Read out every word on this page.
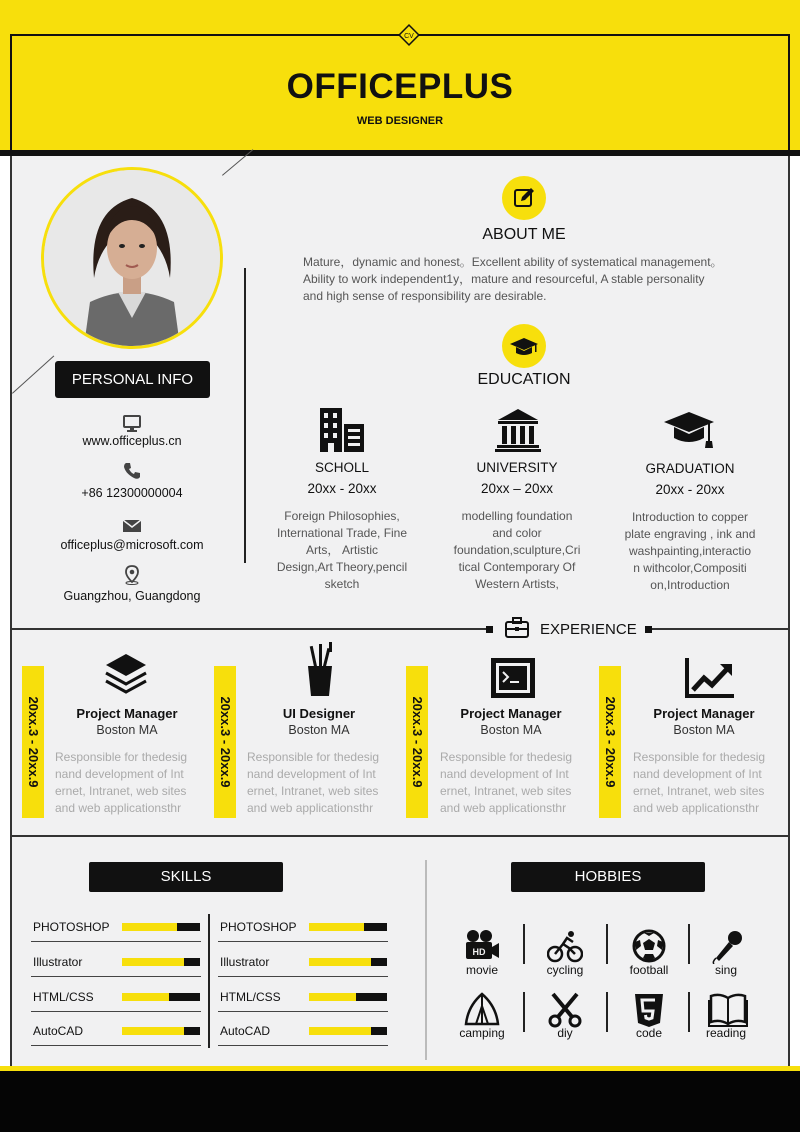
CV
OFFICEPLUS
WEB DESIGNER
PERSONAL INFO
www.officeplus.cn
+86 12300000004
officeplus@microsoft.com
Guangzhou, Guangdong
ABOUT ME
Mature，dynamic and honest。Excellent ability of systematical management。
Ability to work independent1y，mature and resourceful, A stable personality
and high sense of responsibility are desirable.
EDUCATION
SCHOLL
20xx - 20xx
Foreign Philosophies,
International Trade, Fine
Arts， Artistic
Design,Art Theory,pencil
sketch
UNIVERSITY
20xx – 20xx
modelling foundation
and color
foundation,sculpture,Cri
tical Contemporary Of
Western Artists,
GRADUATION
20xx - 20xx
Introduction to copper
plate engraving , ink and
washpainting,interactio
n withcolor,Compositi
on,Introduction
EXPERIENCE
20xx.3 - 20xx.9	Project Manager
Boston MA
Responsible for thedesig
nand development of Int
ernet, Intranet, web sites
and web applicationsthr
20xx.3 - 20xx.9	UI Designer
Boston MA
Responsible for thedesig
nand development of Int
ernet, Intranet, web sites
and web applicationsthr
20xx.3 - 20xx.9	Project Manager
Boston MA
Responsible for thedesig
nand development of Int
ernet, Intranet, web sites
and web applicationsthr
20xx.3 - 20xx.9	Project Manager
Boston MA
Responsible for thedesig
nand development of Int
ernet, Intranet, web sites
and web applicationsthr
SKILLS
PHOTOSHOP
Illustrator
HTML/CSS
AutoCAD
PHOTOSHOP
Illustrator
HTML/CSS
AutoCAD
HOBBIES
HD
movie	cycling	football	sing
camping	diy	code	reading
